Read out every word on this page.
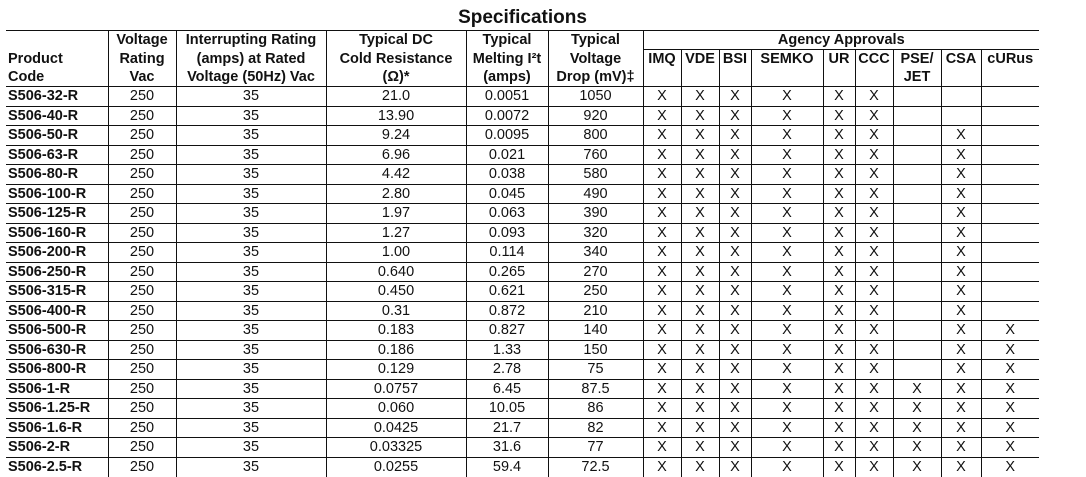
Specifications														
	Voltage	Interrupting Rating	Typical DC	Typical	Typical	Agency Approvals								
Product	Rating	(amps) at Rated	Cold Resistance	Melting I²t	Voltage	IMQ	VDE	BSI	SEMKO	UR	CCC	PSE/	CSA	cURus
Code	Vac	Voltage (50Hz) Vac	(Ω)*	(amps)	Drop (mV)‡							JET		
S506-32-R	250	35	21.0	0.0051	1050	X	X	X	X	X	X			
S506-40-R	250	35	13.90	0.0072	920	X	X	X	X	X	X			
S506-50-R	250	35	9.24	0.0095	800	X	X	X	X	X	X		X	
S506-63-R	250	35	6.96	0.021	760	X	X	X	X	X	X		X	
S506-80-R	250	35	4.42	0.038	580	X	X	X	X	X	X		X	
S506-100-R	250	35	2.80	0.045	490	X	X	X	X	X	X		X	
S506-125-R	250	35	1.97	0.063	390	X	X	X	X	X	X		X	
S506-160-R	250	35	1.27	0.093	320	X	X	X	X	X	X		X	
S506-200-R	250	35	1.00	0.114	340	X	X	X	X	X	X		X	
S506-250-R	250	35	0.640	0.265	270	X	X	X	X	X	X		X	
S506-315-R	250	35	0.450	0.621	250	X	X	X	X	X	X		X	
S506-400-R	250	35	0.31	0.872	210	X	X	X	X	X	X		X	
S506-500-R	250	35	0.183	0.827	140	X	X	X	X	X	X		X	X
S506-630-R	250	35	0.186	1.33	150	X	X	X	X	X	X		X	X
S506-800-R	250	35	0.129	2.78	75	X	X	X	X	X	X		X	X
S506-1-R	250	35	0.0757	6.45	87.5	X	X	X	X	X	X	X	X	X
S506-1.25-R	250	35	0.060	10.05	86	X	X	X	X	X	X	X	X	X
S506-1.6-R	250	35	0.0425	21.7	82	X	X	X	X	X	X	X	X	X
S506-2-R	250	35	0.03325	31.6	77	X	X	X	X	X	X	X	X	X
S506-2.5-R	250	35	0.0255	59.4	72.5	X	X	X	X	X	X	X	X	X
